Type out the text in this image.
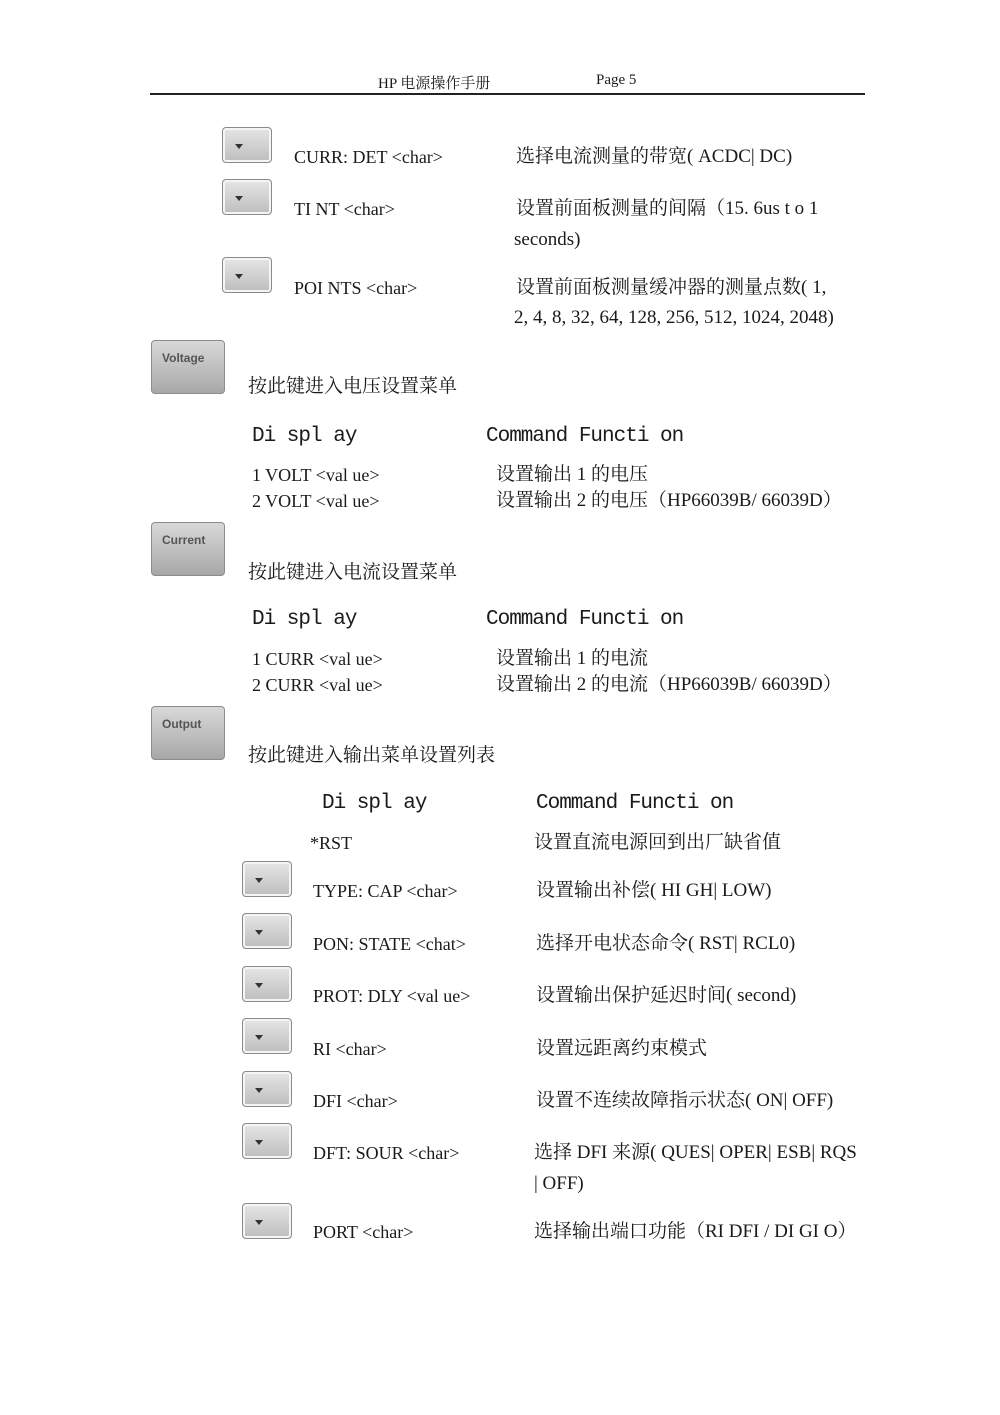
HP 电源操作手册	Page 5
CURR: DET <char>	选择电流测量的带宽( ACDC| DC)
TI NT <char>	设置前面板测量的间隔（15. 6us t o 1
seconds)
POI NTS <char>	设置前面板测量缓冲器的测量点数( 1,
2, 4, 8, 32, 64, 128, 256, 512, 1024, 2048)
Voltage
按此键进入电压设置菜单
Di spl ay	Command Functi on
1 VOLT <val ue>	设置输出 1 的电压
2 VOLT <val ue>	设置输出 2 的电压（HP66039B/ 66039D）
Current
按此键进入电流设置菜单
Di spl ay	Command Functi on
1 CURR <val ue>	设置输出 1 的电流
2 CURR <val ue>	设置输出 2 的电流（HP66039B/ 66039D）
Output
按此键进入输出菜单设置列表
Di spl ay	Command Functi on
*RST	设置直流电源回到出厂缺省值
TYPE: CAP <char>	设置输出补偿( HI GH| LOW)
PON: STATE <chat>	选择开电状态命令( RST| RCL0)
PROT: DLY <val ue>	设置输出保护延迟时间( second)
RI <char>	设置远距离约束模式
DFI <char>	设置不连续故障指示状态( ON| OFF)
DFT: SOUR <char>	选择 DFI 来源( QUES| OPER| ESB| RQS
| OFF)
PORT <char>	选择输出端口功能（RI DFI / DI GI O）
